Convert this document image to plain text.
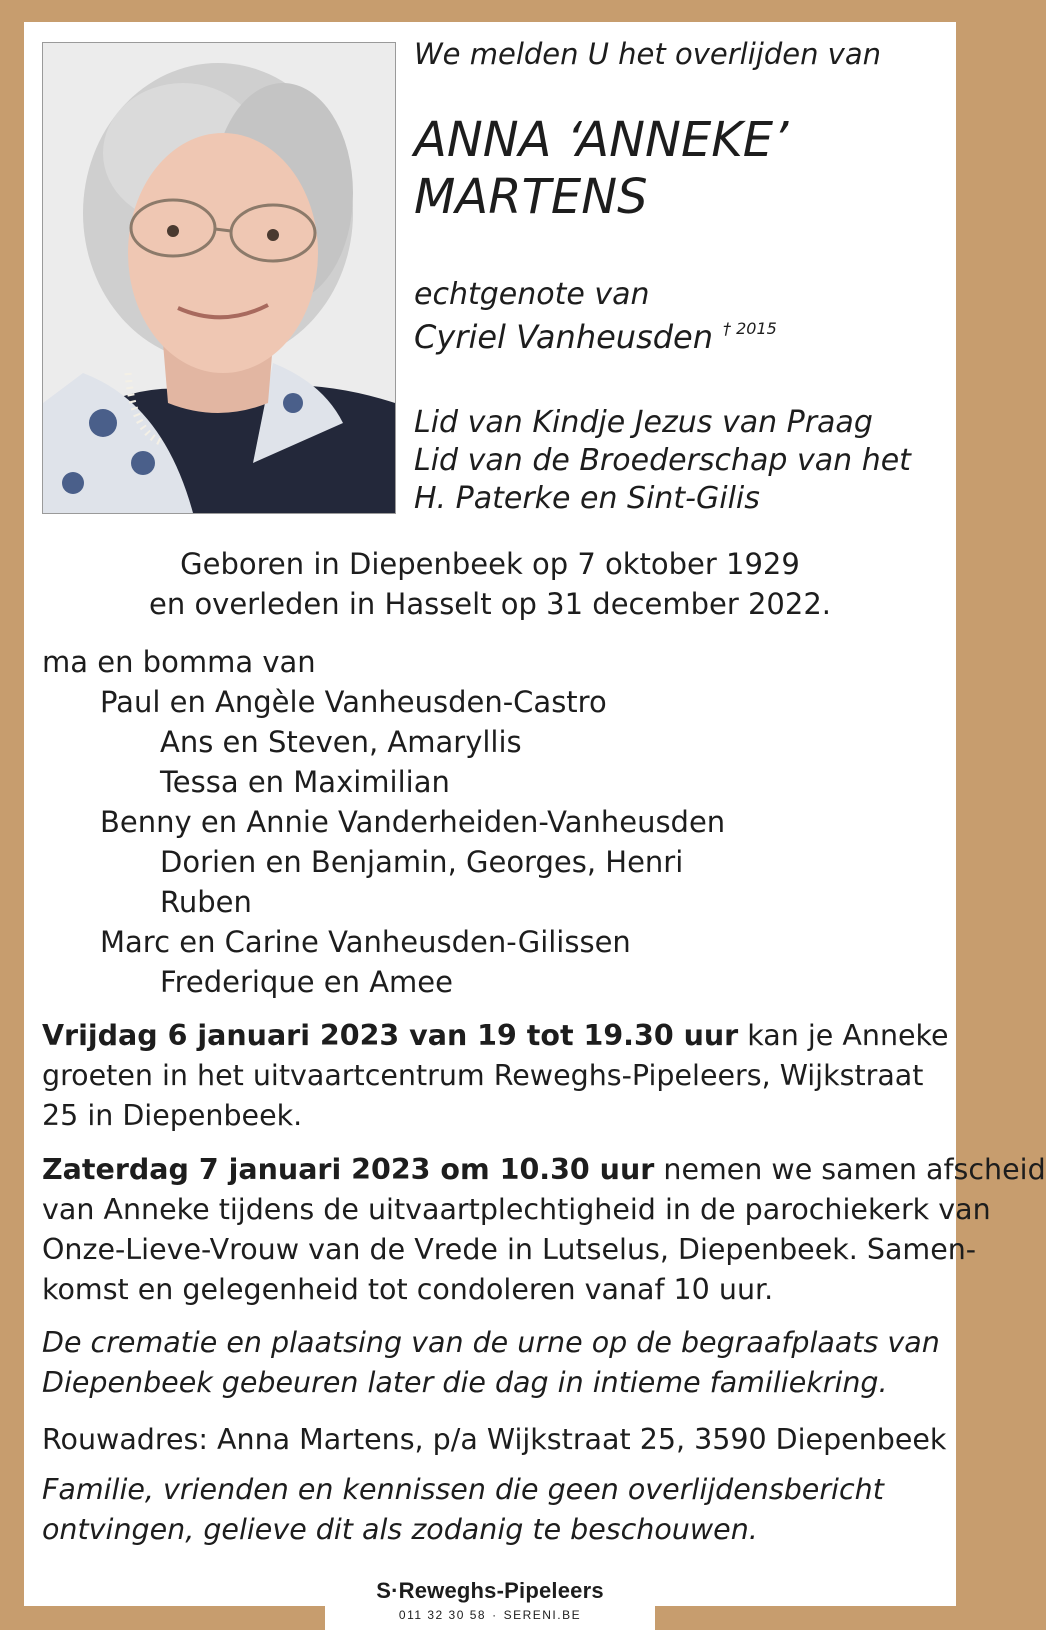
We melden U het overlijden van
ANNA ‘ANNEKE’
MARTENS
echtgenote van
Cyriel Vanheusden $^{\dagger 2015}$
Lid van Kindje Jezus van Praag
Lid van de Broederschap van het
H. Paterke en Sint-Gilis
Geboren in Diepenbeek op 7 oktober 1929
en overleden in Hasselt op 31 december 2022.
ma en bomma van
Paul en Angèle Vanheusden-Castro
Ans en Steven, Amaryllis
Tessa en Maximilian
Benny en Annie Vanderheiden-Vanheusden
Dorien en Benjamin, Georges, Henri
Ruben
Marc en Carine Vanheusden-Gilissen
Frederique en Amee
Vrijdag 6 januari 2023 van 19 tot 19.30 uur kan je Anneke
groeten in het uitvaartcentrum Reweghs-Pipeleers, Wijkstraat
25 in Diepenbeek.
Zaterdag 7 januari 2023 om 10.30 uur nemen we samen afscheid
van Anneke tijdens de uitvaartplechtigheid in de parochiekerk van
Onze-Lieve-Vrouw van de Vrede in Lutselus, Diepenbeek. Samen-
komst en gelegenheid tot condoleren vanaf 10 uur.
De crematie en plaatsing van de urne op de begraafplaats van
Diepenbeek gebeuren later die dag in intieme familiekring.
Rouwadres: Anna Martens, p/a Wijkstraat 25, 3590 Diepenbeek
Familie, vrienden en kennissen die geen overlijdensbericht
ontvingen, gelieve dit als zodanig te beschouwen.
S·Reweghs-Pipeleers
011 32 30 58 · SERENI.BE
